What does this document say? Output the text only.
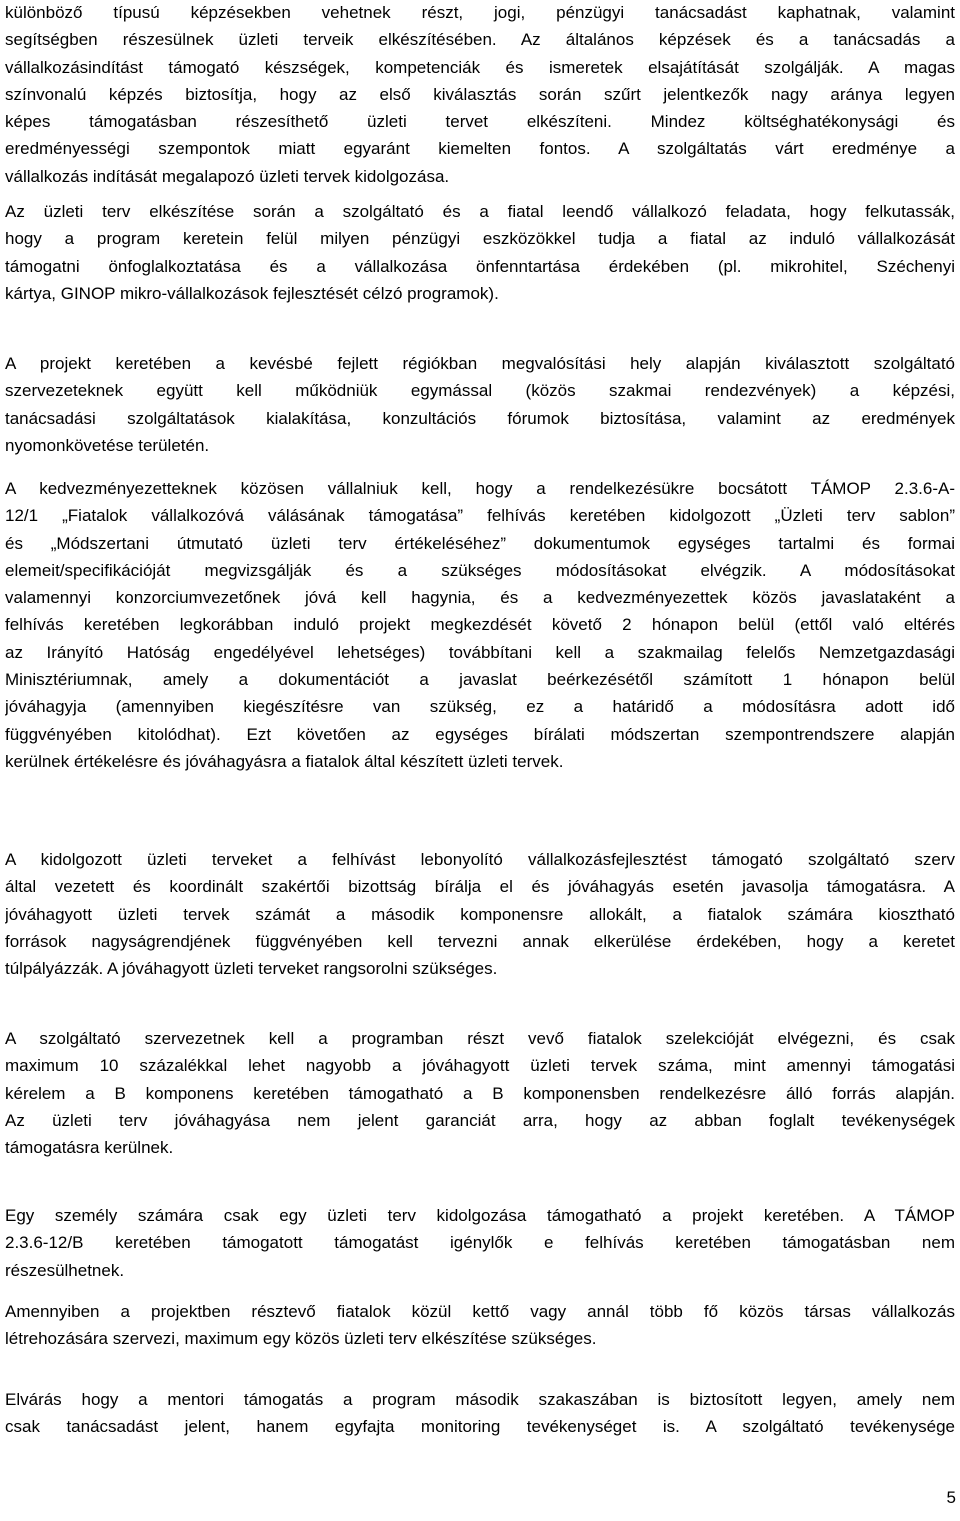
különböző típusú képzésekben vehetnek részt, jogi, pénzügyi tanácsadást kaphatnak, valamint
segítségben részesülnek üzleti terveik elkészítésében. Az általános képzések és a tanácsadás a
vállalkozásindítást támogató készségek, kompetenciák és ismeretek elsajátítását szolgálják. A magas
színvonalú képzés biztosítja, hogy az első kiválasztás során szűrt jelentkezők nagy aránya legyen
képes támogatásban részesíthető üzleti tervet elkészíteni. Mindez költséghatékonysági és
eredményességi szempontok miatt egyaránt kiemelten fontos. A szolgáltatás várt eredménye a
vállalkozás indítását megalapozó üzleti tervek kidolgozása.

Az üzleti terv elkészítése során a szolgáltató és a fiatal leendő vállalkozó feladata, hogy felkutassák,
hogy a program keretein felül milyen pénzügyi eszközökkel tudja a fiatal az induló vállalkozását
támogatni önfoglalkoztatása és a vállalkozása önfenntartása érdekében (pl. mikrohitel, Széchenyi
kártya, GINOP mikro-vállalkozások fejlesztését célzó programok).

A projekt keretében a kevésbé fejlett régiókban megvalósítási hely alapján kiválasztott szolgáltató
szervezeteknek együtt kell működniük egymással (közös szakmai rendezvények) a képzési,
tanácsadási szolgáltatások kialakítása, konzultációs fórumok biztosítása, valamint az eredmények
nyomonkövetése területén.

A kedvezményezetteknek közösen vállalniuk kell, hogy a rendelkezésükre bocsátott TÁMOP 2.3.6-A-
12/1 „Fiatalok vállalkozóvá válásának támogatása” felhívás keretében kidolgozott „Üzleti terv sablon”
és „Módszertani útmutató üzleti terv értékeléséhez” dokumentumok egységes tartalmi és formai
elemeit/specifikációját megvizsgálják és a szükséges módosításokat elvégzik. A módosításokat
valamennyi konzorciumvezetőnek jóvá kell hagynia, és a kedvezményezettek közös javaslataként a
felhívás keretében legkorábban induló projekt megkezdését követő 2 hónapon belül (ettől való eltérés
az Irányító Hatóság engedélyével lehetséges) továbbítani kell a szakmailag felelős Nemzetgazdasági
Minisztériumnak, amely a dokumentációt a javaslat beérkezésétől számított 1 hónapon belül
jóváhagyja (amennyiben kiegészítésre van szükség, ez a határidő a módosításra adott idő
függvényében kitolódhat). Ezt követően az egységes bírálati módszertan szempontrendszere alapján
kerülnek értékelésre és jóváhagyásra a fiatalok által készített üzleti tervek.

A kidolgozott üzleti terveket a felhívást lebonyolító vállalkozásfejlesztést támogató szolgáltató szerv
által vezetett és koordinált szakértői bizottság bírálja el és jóváhagyás esetén javasolja támogatásra. A
jóváhagyott üzleti tervek számát a második komponensre allokált, a fiatalok számára kiosztható
források nagyságrendjének függvényében kell tervezni annak elkerülése érdekében, hogy a keretet
túlpályázzák. A jóváhagyott üzleti terveket rangsorolni szükséges.

A szolgáltató szervezetnek kell a programban részt vevő fiatalok szelekcióját elvégezni, és csak
maximum 10 százalékkal lehet nagyobb a jóváhagyott üzleti tervek száma, mint amennyi támogatási
kérelem a B komponens keretében támogatható a B komponensben rendelkezésre álló forrás alapján.
Az üzleti terv jóváhagyása nem jelent garanciát arra, hogy az abban foglalt tevékenységek
támogatásra kerülnek.

Egy személy számára csak egy üzleti terv kidolgozása támogatható a projekt keretében. A TÁMOP
2.3.6-12/B keretében támogatott támogatást igénylők e felhívás keretében támogatásban nem
részesülhetnek.

Amennyiben a projektben résztevő fiatalok közül kettő vagy annál több fő közös társas vállalkozás
létrehozására szervezi, maximum egy közös üzleti terv elkészítése szükséges.

Elvárás hogy a mentori támogatás a program második szakaszában is biztosított legyen, amely nem
csak tanácsadást jelent, hanem egyfajta monitoring tevékenységet is. A szolgáltató tevékenysége

5
